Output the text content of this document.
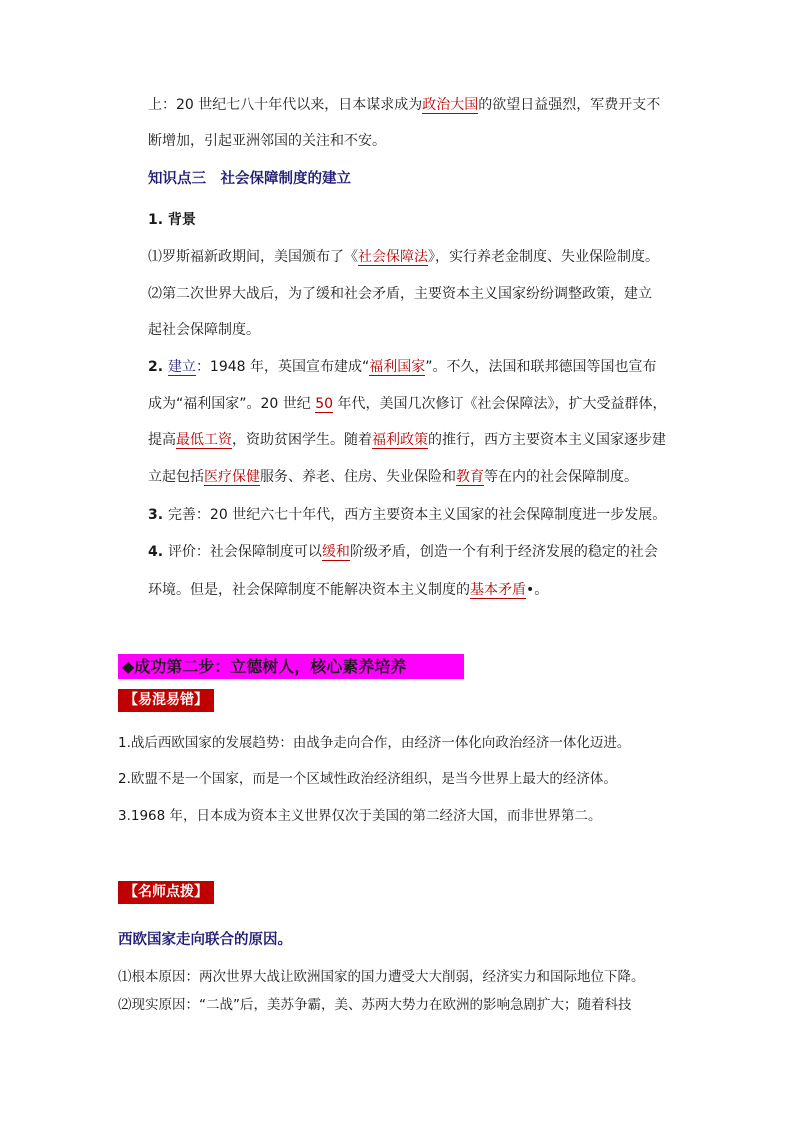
上：20 世纪七八十年代以来，日本谋求成为政治大国的欲望日益强烈，军费开支不
断增加，引起亚洲邻国的关注和不安。
知识点三　社会保障制度的建立
1. 背景
⑴罗斯福新政期间，美国颁布了《社会保障法》，实行养老金制度、失业保险制度。
⑵第二次世界大战后，为了缓和社会矛盾，主要资本主义国家纷纷调整政策，建立
起社会保障制度。
2. 建立：1948 年，英国宣布建成“福利国家”。不久，法国和联邦德国等国也宣布
成为“福利国家”。20 世纪 50 年代，美国几次修订《社会保障法》，扩大受益群体，
提高最低工资，资助贫困学生。随着福利政策的推行，西方主要资本主义国家逐步建
立起包括医疗保健服务、养老、住房、失业保险和教育等在内的社会保障制度。
3. 完善：20 世纪六七十年代，西方主要资本主义国家的社会保障制度进一步发展。
4. 评价：社会保障制度可以缓和阶级矛盾，创造一个有利于经济发展的稳定的社会
环境。但是，社会保障制度不能解决资本主义制度的基本矛盾•。
◆成功第二步：立德树人，核心素养培养
【易混易错】
1.战后西欧国家的发展趋势：由战争走向合作，由经济一体化向政治经济一体化迈进。
2.欧盟不是一个国家，而是一个区域性政治经济组织，是当今世界上最大的经济体。
3.1968 年，日本成为资本主义世界仅次于美国的第二经济大国，而非世界第二。
【名师点拨】
西欧国家走向联合的原因。
⑴根本原因：两次世界大战让欧洲国家的国力遭受大大削弱，经济实力和国际地位下降。
⑵现实原因：“二战”后，美苏争霸，美、苏两大势力在欧洲的影响急剧扩大；随着科技
